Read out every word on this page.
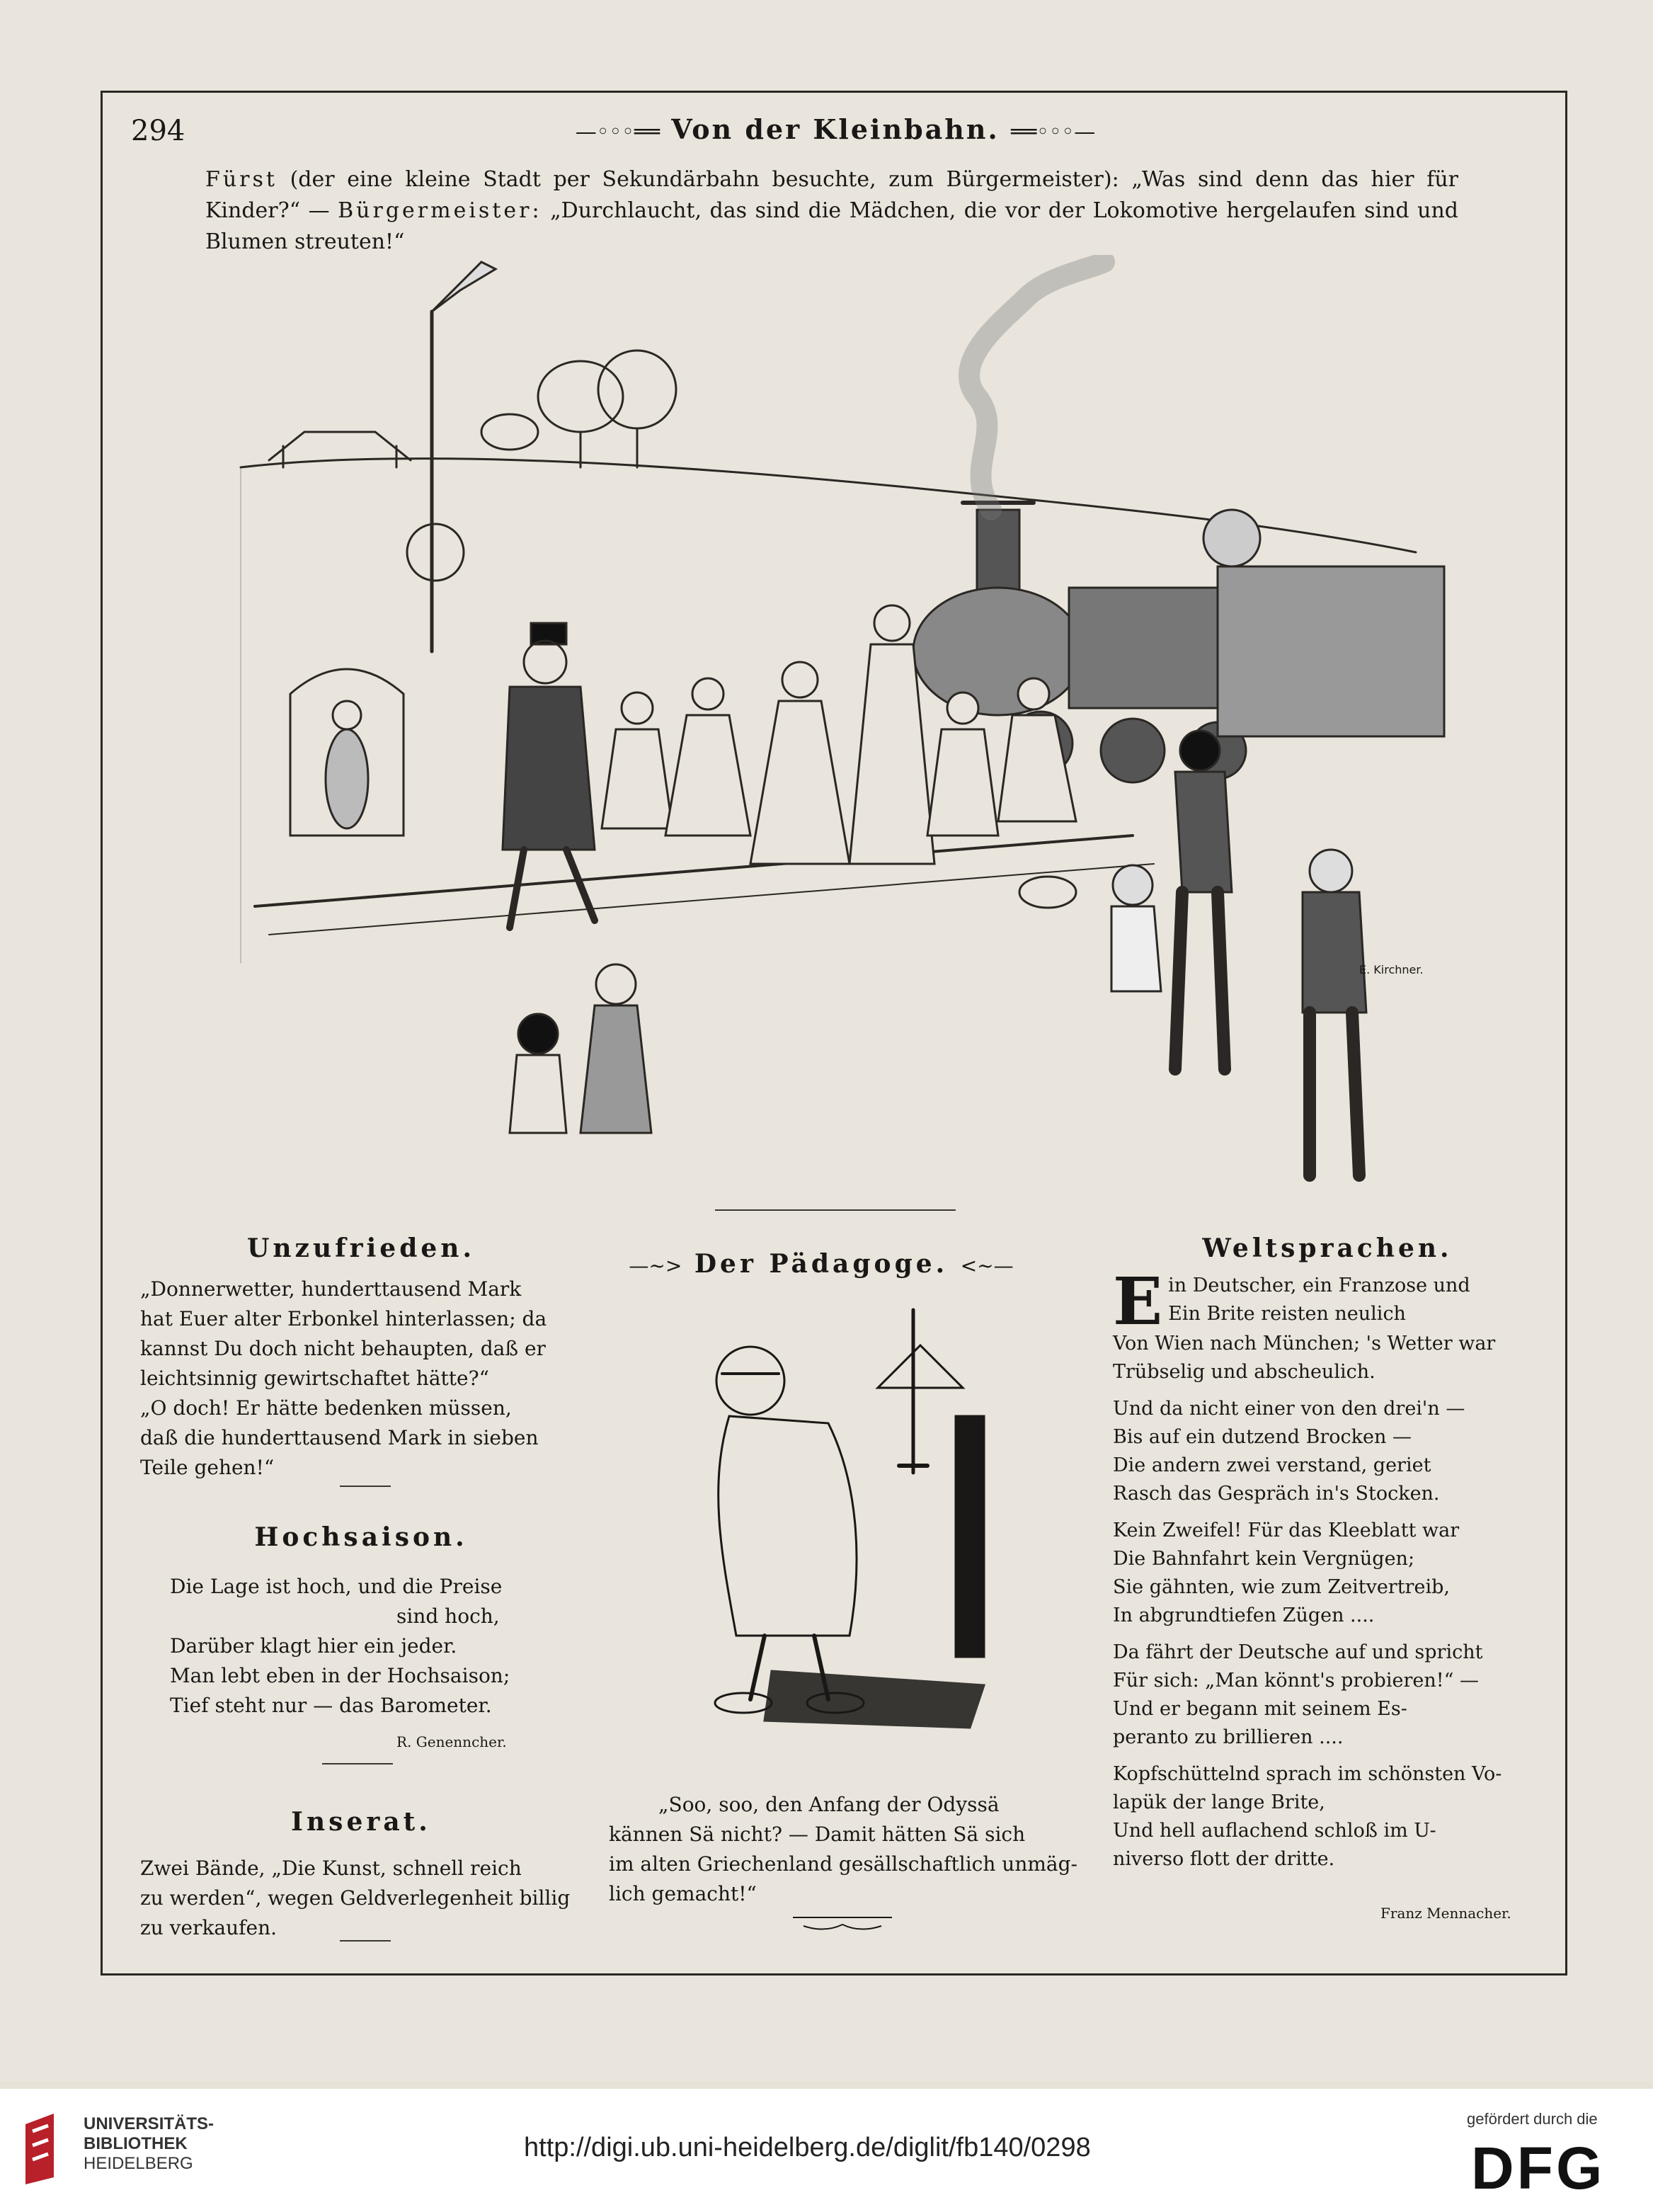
294	—◦◦◦══ Von der Kleinbahn. ══◦◦◦—
Fürst (der eine kleine Stadt per Sekundärbahn besuchte, zum Bürgermeister): „Was sind denn das hier für Kinder?“ — Bürgermeister: „Durchlaucht, das sind die Mädchen, die vor der Lokomotive hergelaufen sind und Blumen streuten!“
E. Kirchner.
Unzufrieden.
„Donnerwetter, hunderttausend Mark
hat Euer alter Erbonkel hinterlassen; da
kannst Du doch nicht behaupten, daß er
leichtsinnig gewirtschaftet hätte?“
„O doch! Er hätte bedenken müssen,
daß die hunderttausend Mark in sieben
Teile gehen!“
Hochsaison.
Die Lage ist hoch, und die Preise
sind hoch,
Darüber klagt hier ein jeder.
Man lebt eben in der Hochsaison;
Tief steht nur — das Barometer.
R. Genenncher.
Inserat.
Zwei Bände, „Die Kunst, schnell reich
zu werden“, wegen Geldverlegenheit billig
zu verkaufen.
—~> Der Pädagoge. <~—
„Soo, soo, den Anfang der Odyssä
kännen Sä nicht? — Damit hätten Sä sich
im alten Griechenland gesällschaftlich unmäg-
lich gemacht!“
Weltsprachen.
E in Deutscher, ein Franzose und
Ein Brite reisten neulich
Von Wien nach München; 's Wetter war
Trübselig und abscheulich.
Und da nicht einer von den drei'n —
Bis auf ein dutzend Brocken —
Die andern zwei verstand, geriet
Rasch das Gespräch in's Stocken.
Kein Zweifel! Für das Kleeblatt war
Die Bahnfahrt kein Vergnügen;
Sie gähnten, wie zum Zeitvertreib,
In abgrundtiefen Zügen ....
Da fährt der Deutsche auf und spricht
Für sich: „Man könnt's probieren!“ —
Und er begann mit seinem Es-
peranto zu brillieren ....
Kopfschüttelnd sprach im schönsten Vo-
lapük der lange Brite,
Und hell auflachend schloß im U-
niverso flott der dritte.
Franz Mennacher.
UNIVERSITÄTS-
BIBLIOTHEK
HEIDELBERG
http://digi.ub.uni-heidelberg.de/diglit/fb140/0298
gefördert durch die
DFG
